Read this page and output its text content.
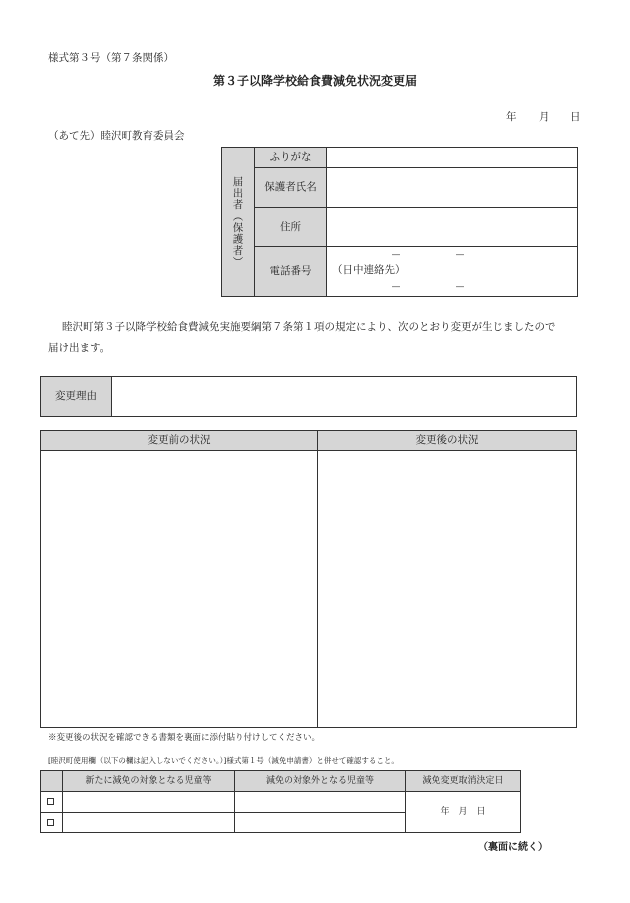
様式第３号（第７条関係）
第３子以降学校給食費減免状況変更届
年 月 日
（あて先）睦沢町教育委員会
届出者（保護者）
ふりがな
保護者氏名
住所
電話番号
―	―
（日中連絡先）
―	―
睦沢町第３子以降学校給食費減免実施要綱第７条第１項の規定により、次のとおり変更が生じましたので
届け出ます。
変更理由
変更前の状況	変更後の状況
※変更後の状況を確認できる書類を裏面に添付貼り付けしてください。
[睦沢町使用欄（以下の欄は記入しないでください。）]様式第１号（減免申請書）と併せて確認すること。
新たに減免の対象となる児童等	減免の対象外となる児童等	減免変更取消決定日
年　月　日
（裏面に続く）
